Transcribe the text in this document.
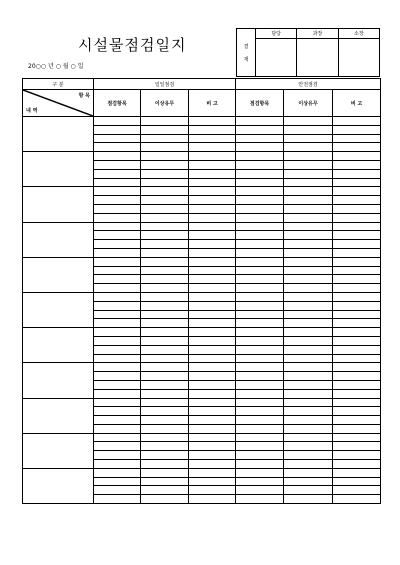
시설물점검일지
20○○ 년 ○ 월 ○ 일
결
재	담당	과장	소장

구 분	일일점검			안전점검		

항 목
내 역	점검항목	이상유무	비 고	점검항목	이상유무	비 고
